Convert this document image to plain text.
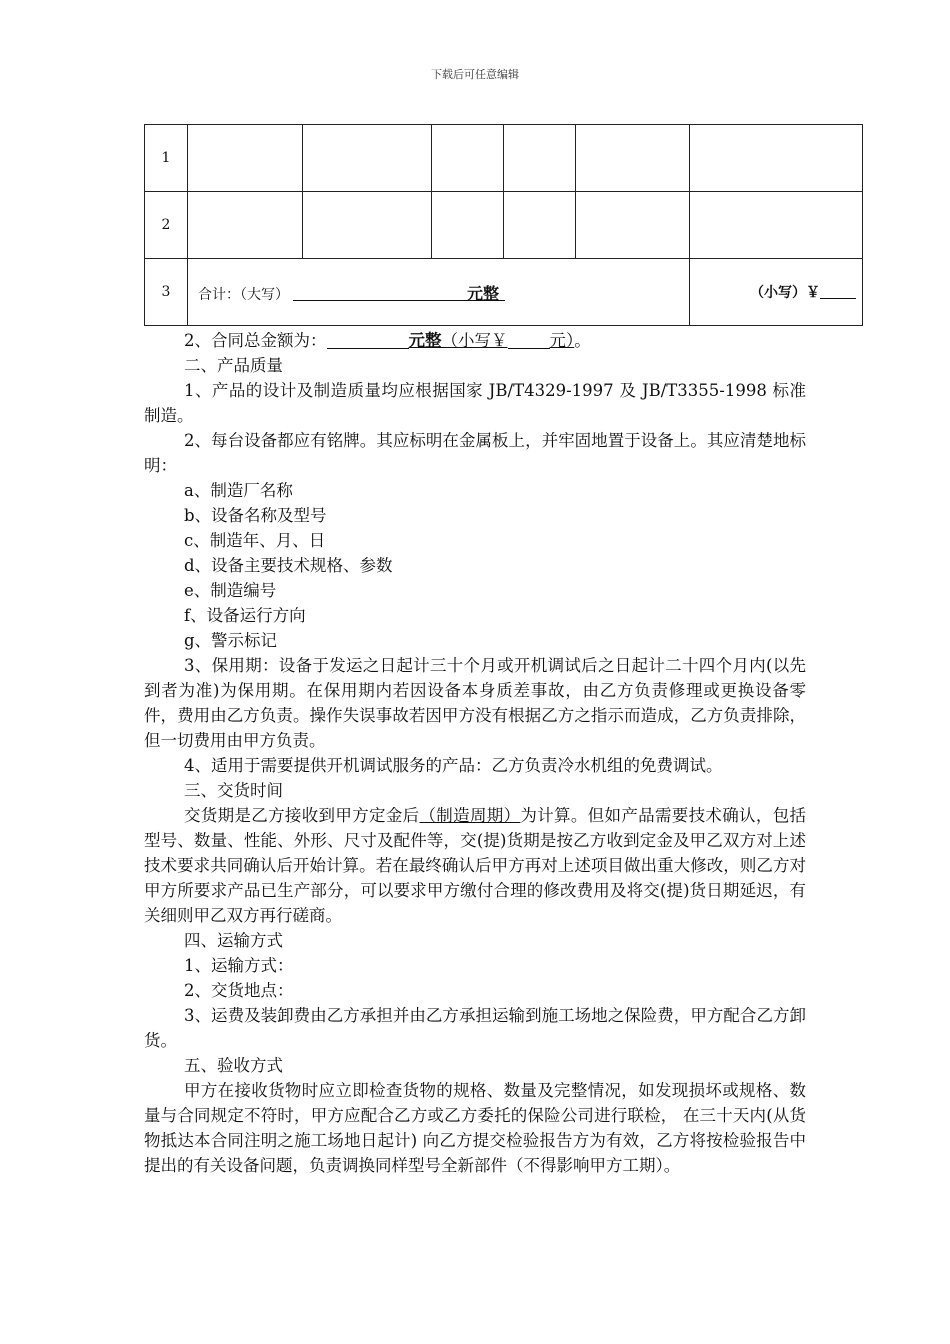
下载后可任意编辑
1						
2						
3	合计：（大写） 元整					（小写）￥

2、合同总金额为：	元整（小写￥	元）。

二、产品质量

1、产品的设计及制造质量均应根据国家 JB/T4329-1997 及 JB/T3355-1998 标准制造。

2、每台设备都应有铭牌。其应标明在金属板上，并牢固地置于设备上。其应清楚地标明：

a、制造厂名称

b、设备名称及型号

c、制造年、月、日

d、设备主要技术规格、参数

e、制造编号

f、设备运行方向

g、警示标记

3、保用期：设备于发运之日起计三十个月或开机调试后之日起计二十四个月内(以先到者为准)为保用期。在保用期内若因设备本身质差事故，由乙方负责修理或更换设备零件，费用由乙方负责。操作失误事故若因甲方没有根据乙方之指示而造成，乙方负责排除，但一切费用由甲方负责。

4、适用于需要提供开机调试服务的产品：乙方负责冷水机组的免费调试。

三、交货时间

交货期是乙方接收到甲方定金后（制造周期）为计算。但如产品需要技术确认，包括型号、数量、性能、外形、尺寸及配件等，交(提)货期是按乙方收到定金及甲乙双方对上述技术要求共同确认后开始计算。若在最终确认后甲方再对上述项目做出重大修改，则乙方对甲方所要求产品已生产部分，可以要求甲方缴付合理的修改费用及将交(提)货日期延迟，有关细则甲乙双方再行磋商。

四、运输方式

1、运输方式：

2、交货地点：

3、运费及装卸费由乙方承担并由乙方承担运输到施工场地之保险费，甲方配合乙方卸货。

五、验收方式

甲方在接收货物时应立即检查货物的规格、数量及完整情况，如发现损坏或规格、数量与合同规定不符时，甲方应配合乙方或乙方委托的保险公司进行联检， 在三十天内(从货物抵达本合同注明之施工场地日起计) 向乙方提交检验报告方为有效，乙方将按检验报告中提出的有关设备问题，负责调换同样型号全新部件（不得影响甲方工期）。
